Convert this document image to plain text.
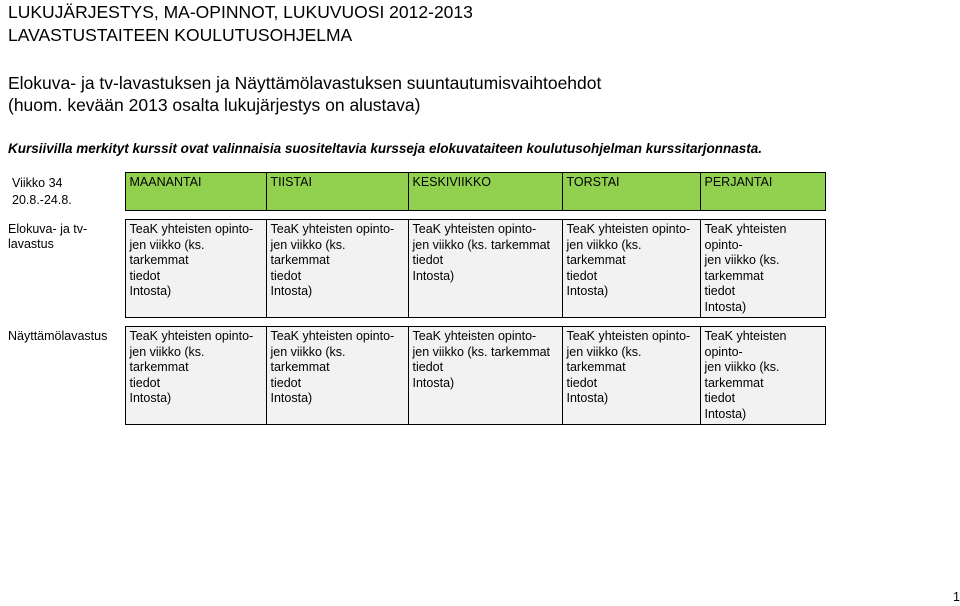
LUKUJÄRJESTYS, MA-OPINNOT, LUKUVUOSI 2012-2013
LAVASTUSTAITEEN KOULUTUSOHJELMA
Elokuva- ja tv-lavastuksen ja Näyttämölavastuksen suuntautumisvaihtoehdot
(huom. kevään 2013 osalta lukujärjestys on alustava)
Kursiivilla merkityt kurssit ovat valinnaisia suositeltavia kursseja elokuvataiteen koulutusohjelman kurssitarjonnasta.
Viikko 34
20.8.-24.8.	MAANANTAI	TIISTAI	KESKIVIIKKO	TORSTAI	PERJANTAI

Elokuva- ja tv-
lavastus	TeaK yhteisten opinto-
jen viikko (ks.
tarkemmat
tiedot
Intosta)	TeaK yhteisten opinto-
jen viikko (ks. tarkemmat
tiedot
Intosta)	TeaK yhteisten opinto-
jen viikko (ks. tarkemmat
tiedot
Intosta)	TeaK yhteisten opinto-
jen viikko (ks.
tarkemmat
tiedot
Intosta)	TeaK yhteisten opinto-
jen viikko (ks. tarkemmat
tiedot
Intosta)

Näyttämölavastus	TeaK yhteisten opinto-
jen viikko (ks.
tarkemmat
tiedot
Intosta)	TeaK yhteisten opinto-
jen viikko (ks. tarkemmat
tiedot
Intosta)	TeaK yhteisten opinto-
jen viikko (ks. tarkemmat
tiedot
Intosta)	TeaK yhteisten opinto-
jen viikko (ks.
tarkemmat
tiedot
Intosta)	TeaK yhteisten opinto-
jen viikko (ks. tarkemmat
tiedot
Intosta)
1
